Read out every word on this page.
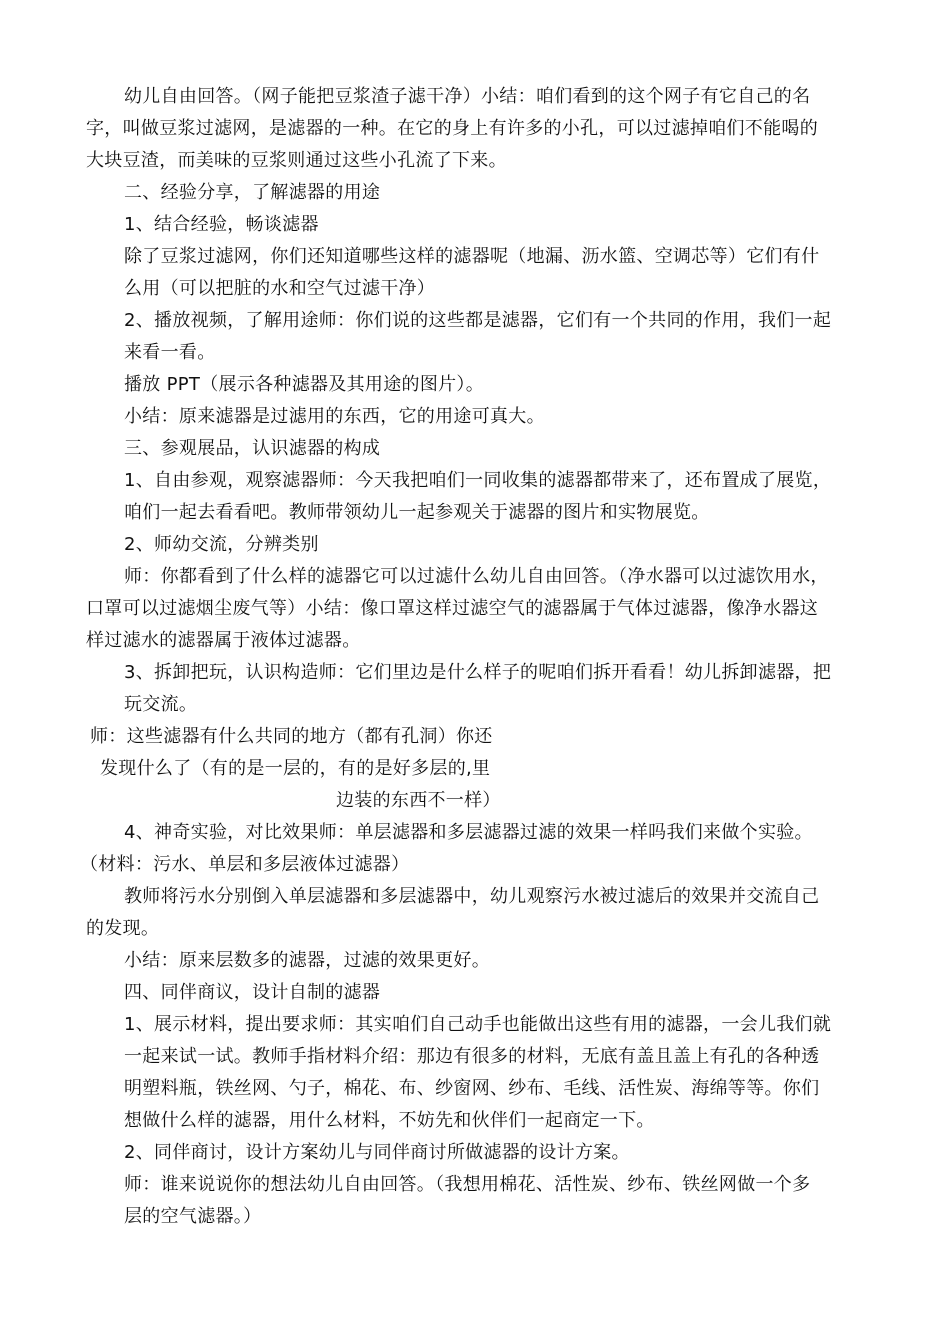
幼儿自由回答。（网子能把豆浆渣子滤干净）小结：咱们看到的这个网子有它自己的名

字，叫做豆浆过滤网，是滤器的一种。在它的身上有许多的小孔，可以过滤掉咱们不能喝的

大块豆渣，而美味的豆浆则通过这些小孔流了下来。

二、经验分享，了解滤器的用途

1、结合经验，畅谈滤器

除了豆浆过滤网，你们还知道哪些这样的滤器呢（地漏、沥水篮、空调芯等）它们有什

么用（可以把脏的水和空气过滤干净）

2、播放视频，了解用途师：你们说的这些都是滤器，它们有一个共同的作用，我们一起

来看一看。

播放 PPT（展示各种滤器及其用途的图片）。

小结：原来滤器是过滤用的东西，它的用途可真大。

三、参观展品，认识滤器的构成

1、自由参观，观察滤器师：今天我把咱们一同收集的滤器都带来了，还布置成了展览，

咱们一起去看看吧。教师带领幼儿一起参观关于滤器的图片和实物展览。

2、师幼交流，分辨类别

师：你都看到了什么样的滤器它可以过滤什么幼儿自由回答。（净水器可以过滤饮用水，

口罩可以过滤烟尘废气等）小结：像口罩这样过滤空气的滤器属于气体过滤器，像净水器这

样过滤水的滤器属于液体过滤器。

3、拆卸把玩，认识构造师：它们里边是什么样子的呢咱们拆开看看！幼儿拆卸滤器，把

玩交流。

师：这些滤器有什么共同的地方（都有孔洞）你还

发现什么了（有的是一层的，有的是好多层的,里

边装的东西不一样）

4、神奇实验，对比效果师：单层滤器和多层滤器过滤的效果一样吗我们来做个实验。

（材料：污水、单层和多层液体过滤器）

教师将污水分别倒入单层滤器和多层滤器中，幼儿观察污水被过滤后的效果并交流自己

的发现。

小结：原来层数多的滤器，过滤的效果更好。

四、同伴商议，设计自制的滤器

1、展示材料，提出要求师：其实咱们自己动手也能做出这些有用的滤器，一会儿我们就

一起来试一试。教师手指材料介绍：那边有很多的材料，无底有盖且盖上有孔的各种透

明塑料瓶，铁丝网、勺子，棉花、布、纱窗网、纱布、毛线、活性炭、海绵等等。你们

想做什么样的滤器，用什么材料，不妨先和伙伴们一起商定一下。

2、同伴商讨，设计方案幼儿与同伴商讨所做滤器的设计方案。

师：谁来说说你的想法幼儿自由回答。（我想用棉花、活性炭、纱布、铁丝网做一个多

层的空气滤器。）
